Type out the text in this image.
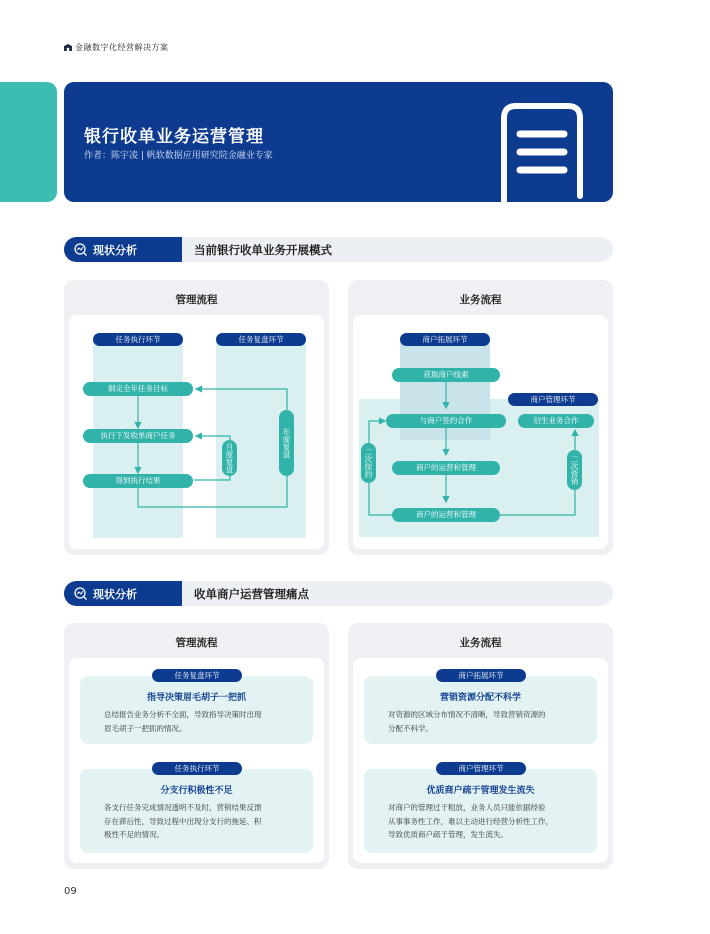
金融数字化经营解决方案
银行收单业务运营管理
作者：陈宇凌 | 帆软数据应用研究院金融业专家
现状分析	当前银行收单业务开展模式
管理流程
任务执行环节	任务复盘环节
制定全年任务目标
执行下发收单商户任务
得到执行结果
月度复盘	年度复盘
业务流程
商户拓展环节
商户管理环节
获取商户线索
与商户签约合作
商户的运营和管理
商户的运营和管理
衍生业务合作
二次续约	二次营销
现状分析	收单商户运营管理痛点
管理流程
指导决策眉毛胡子一把抓
总结报告业务分析不全面，导致指导决策时出现
眉毛胡子一把抓的情况。
任务复盘环节
分支行积极性不足
各支行任务完成情况透明不及时，营销结果反馈
存在滞后性，导致过程中出现分支行的拖延、积
极性不足的情况。
任务执行环节
业务流程
营销资源分配不科学
对资源的区域分布情况不清晰，导致营销资源的
分配不科学。
商户拓展环节
优质商户疏于管理发生流失
对商户的管理过于粗放，业务人员只能依据经验
从事事务性工作，难以主动进行经营分析性工作，
导致优质商户疏于管理，发生流失。
商户管理环节
09
